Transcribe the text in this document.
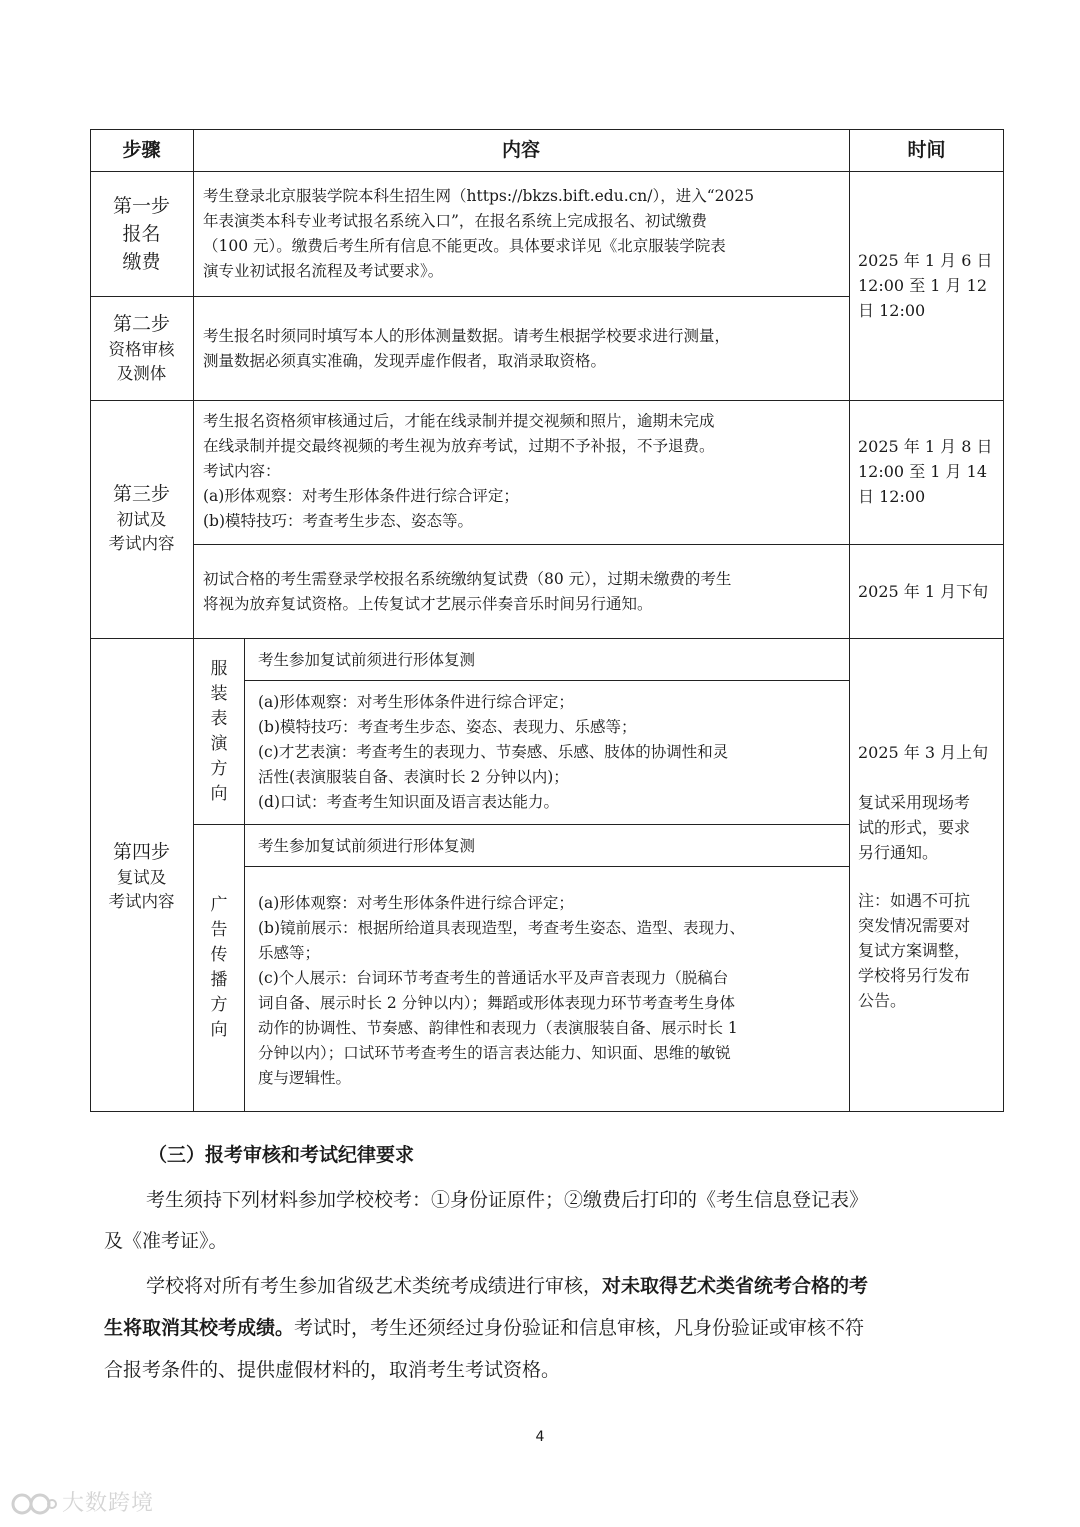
步骤	内容	时间
第一步
报名
缴费
考生登录北京服装学院本科生招生网（https://bkzs.bift.edu.cn/），进入“2025
年表演类本科专业考试报名系统入口”，在报名系统上完成报名、初试缴费
（100 元）。缴费后考生所有信息不能更改。具体要求详见《北京服装学院表
演专业初试报名流程及考试要求》。
第二步
资格审核
及测体
考生报名时须同时填写本人的形体测量数据。请考生根据学校要求进行测量，
测量数据必须真实准确，发现弄虚作假者，取消录取资格。
2025 年 1 月 6 日
12:00 至 1 月 12
日 12:00
第三步
初试及
考试内容
考生报名资格须审核通过后，才能在线录制并提交视频和照片，逾期未完成
在线录制并提交最终视频的考生视为放弃考试，过期不予补报，不予退费。
考试内容：
(a)形体观察：对考生形体条件进行综合评定；
(b)模特技巧：考查考生步态、姿态等。
2025 年 1 月 8 日
12:00 至 1 月 14
日 12:00
初试合格的考生需登录学校报名系统缴纳复试费（80 元），过期未缴费的考生
将视为放弃复试资格。上传复试才艺展示伴奏音乐时间另行通知。
2025 年 1 月下旬
第四步
复试及
考试内容
服装表演方向
考生参加复试前须进行形体复测
(a)形体观察：对考生形体条件进行综合评定；
(b)模特技巧：考查考生步态、姿态、表现力、乐感等；
(c)才艺表演：考查考生的表现力、节奏感、乐感、肢体的协调性和灵
活性(表演服装自备、表演时长 2 分钟以内)；
(d)口试：考查考生知识面及语言表达能力。
广告传播方向
考生参加复试前须进行形体复测
(a)形体观察：对考生形体条件进行综合评定；
(b)镜前展示：根据所给道具表现造型，考查考生姿态、造型、表现力、
乐感等；
(c)个人展示：台词环节考查考生的普通话水平及声音表现力（脱稿台
词自备、展示时长 2 分钟以内）；舞蹈或形体表现力环节考查考生身体
动作的协调性、节奏感、韵律性和表现力（表演服装自备、展示时长 1
分钟以内）；口试环节考查考生的语言表达能力、知识面、思维的敏锐
度与逻辑性。
2025 年 3 月上旬
复试采用现场考
试的形式，要求
另行通知。
注：如遇不可抗
突发情况需要对
复试方案调整，
学校将另行发布
公告。
（三）报考审核和考试纪律要求
考生须持下列材料参加学校校考：①身份证原件；②缴费后打印的《考生信息登记表》
及《准考证》。
学校将对所有考生参加省级艺术类统考成绩进行审核，对未取得艺术类省统考合格的考
生将取消其校考成绩。考试时，考生还须经过身份验证和信息审核，凡身份验证或审核不符
合报考条件的、提供虚假材料的，取消考生考试资格。
4
大数跨境
